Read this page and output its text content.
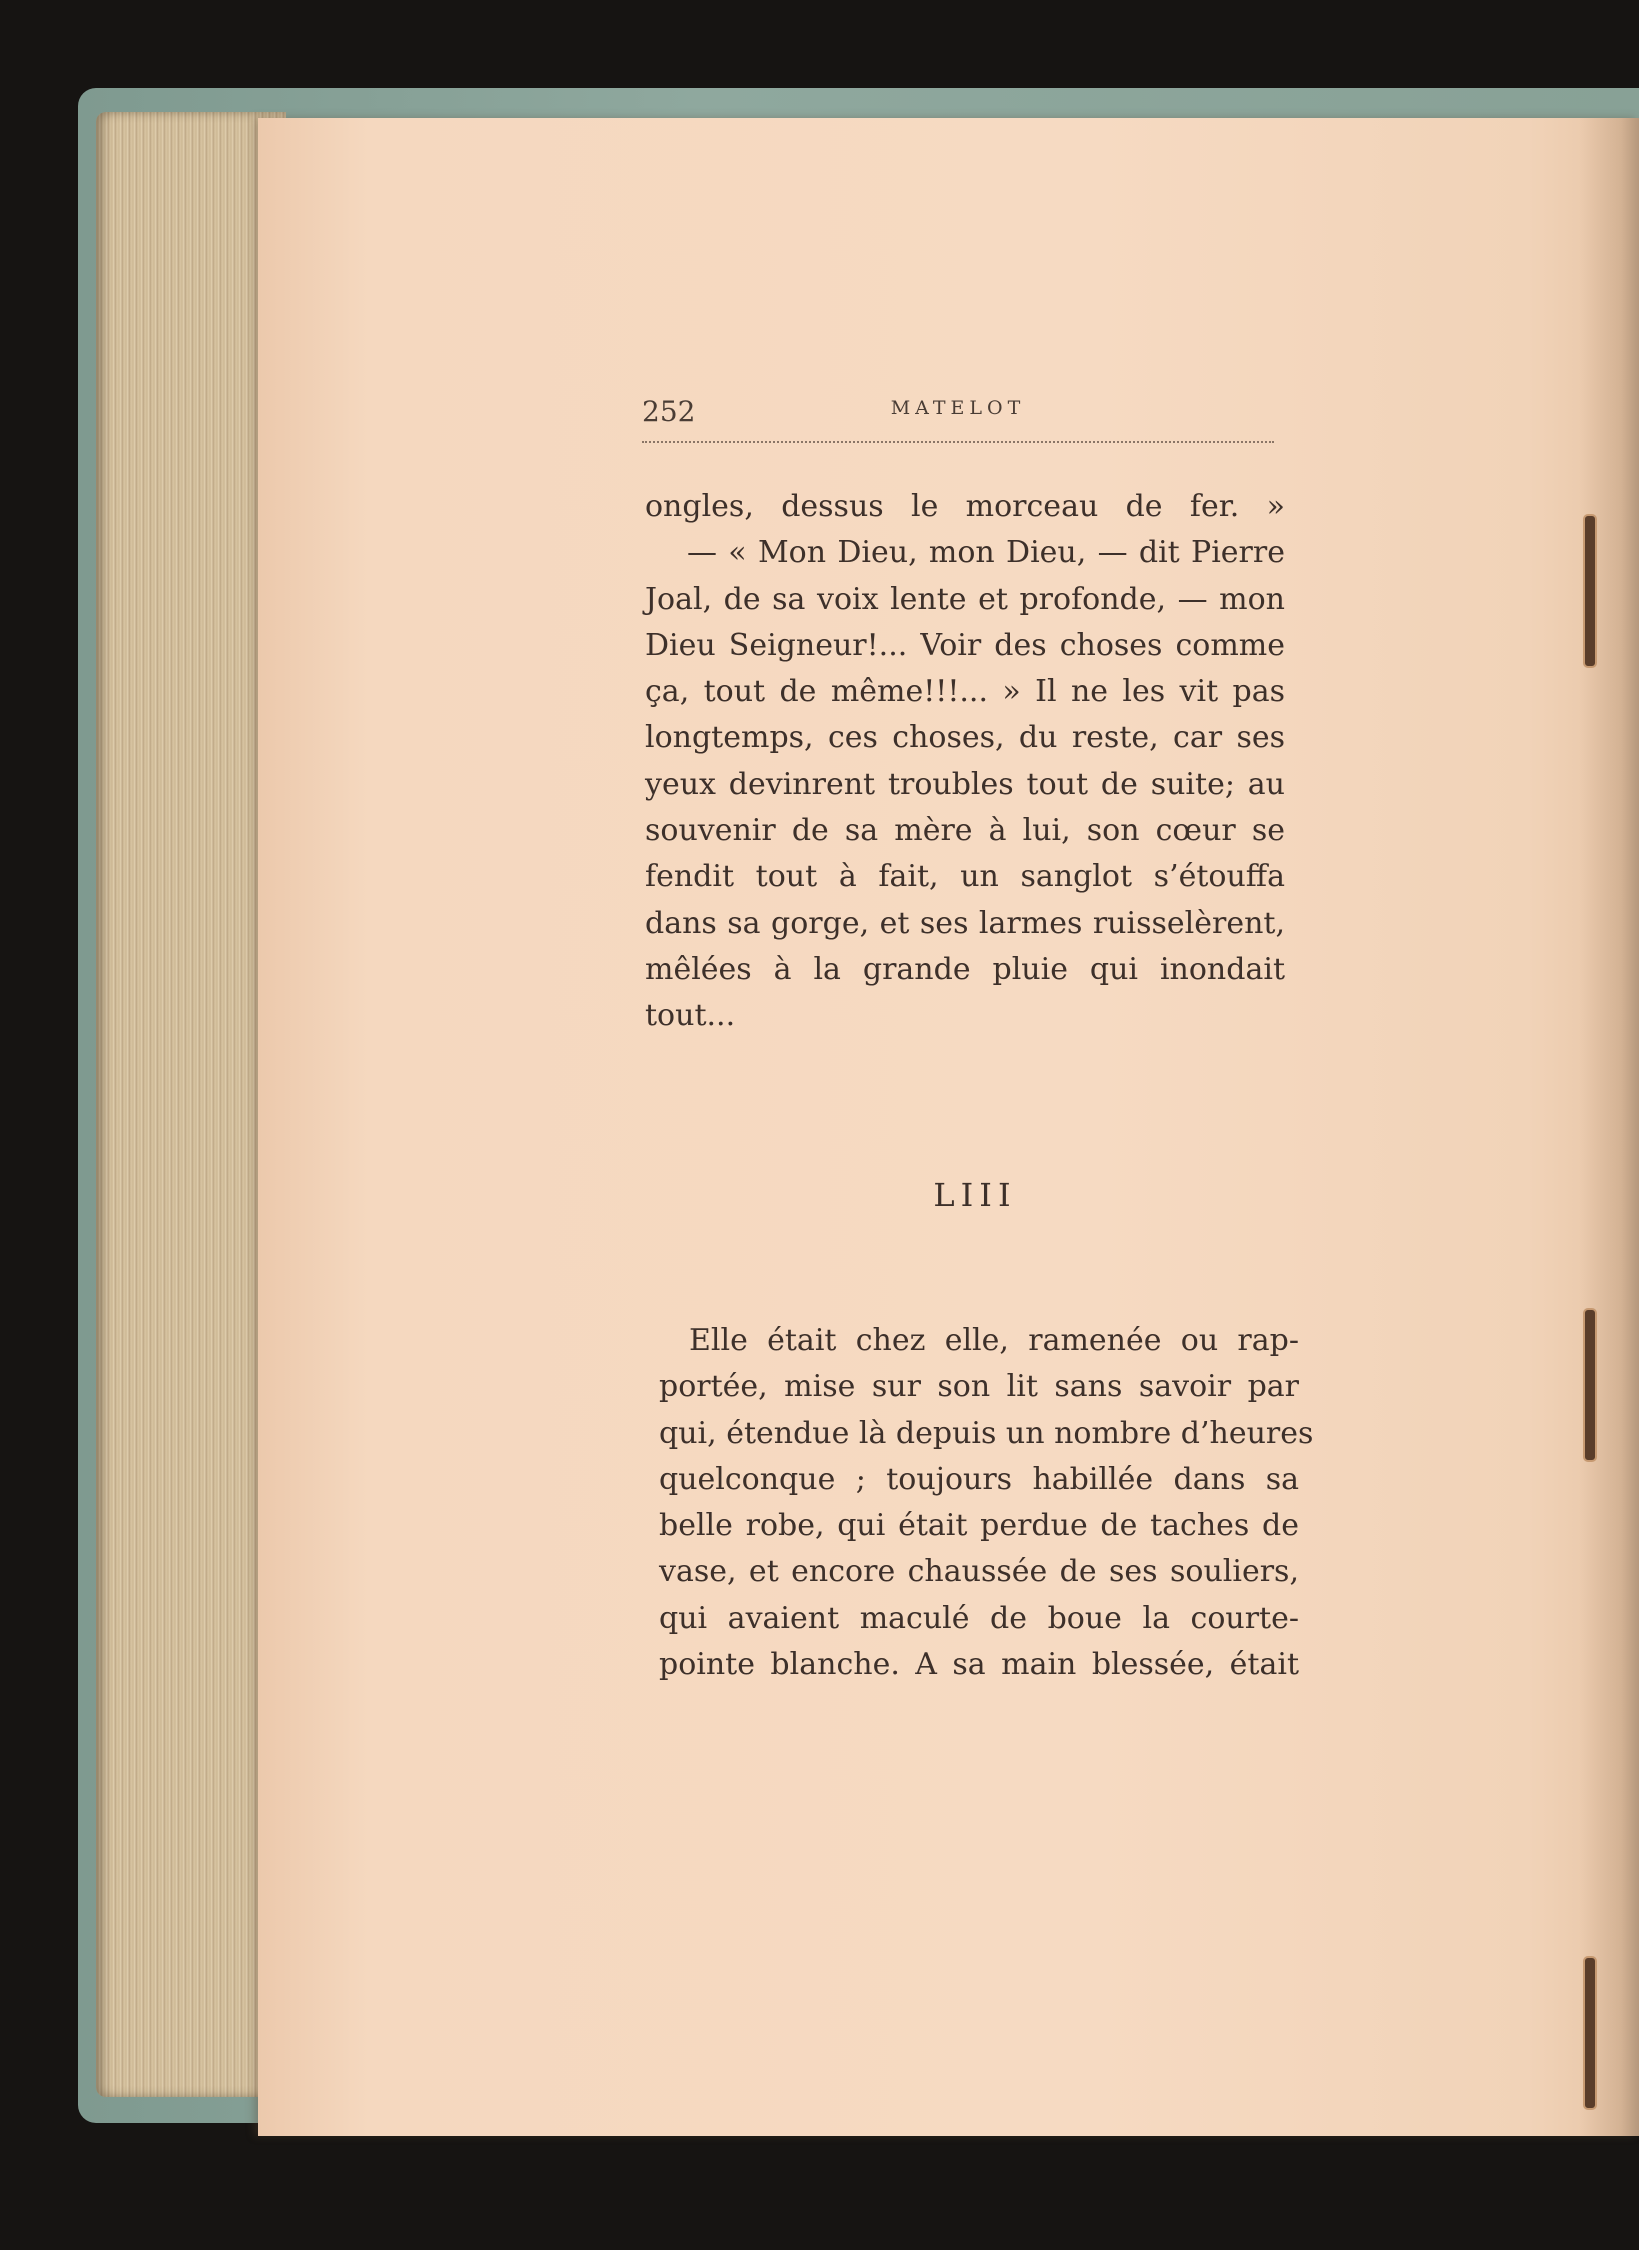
252	MATELOT
ongles, dessus le morceau de fer. »
— « Mon Dieu, mon Dieu, — dit Pierre
Joal, de sa voix lente et profonde, — mon
Dieu Seigneur!... Voir des choses comme
ça, tout de même!!!... » Il ne les vit pas
longtemps, ces choses, du reste, car ses
yeux devinrent troubles tout de suite; au
souvenir de sa mère à lui, son cœur se
fendit tout à fait, un sanglot s’étouffa
dans sa gorge, et ses larmes ruisselèrent,
mêlées à la grande pluie qui inondait
tout...
LIII
Elle était chez elle, ramenée ou rap-
portée, mise sur son lit sans savoir par
qui, étendue là depuis un nombre d’heures
quelconque ; toujours habillée dans sa
belle robe, qui était perdue de taches de
vase, et encore chaussée de ses souliers,
qui avaient maculé de boue la courte-
pointe blanche. A sa main blessée, était
